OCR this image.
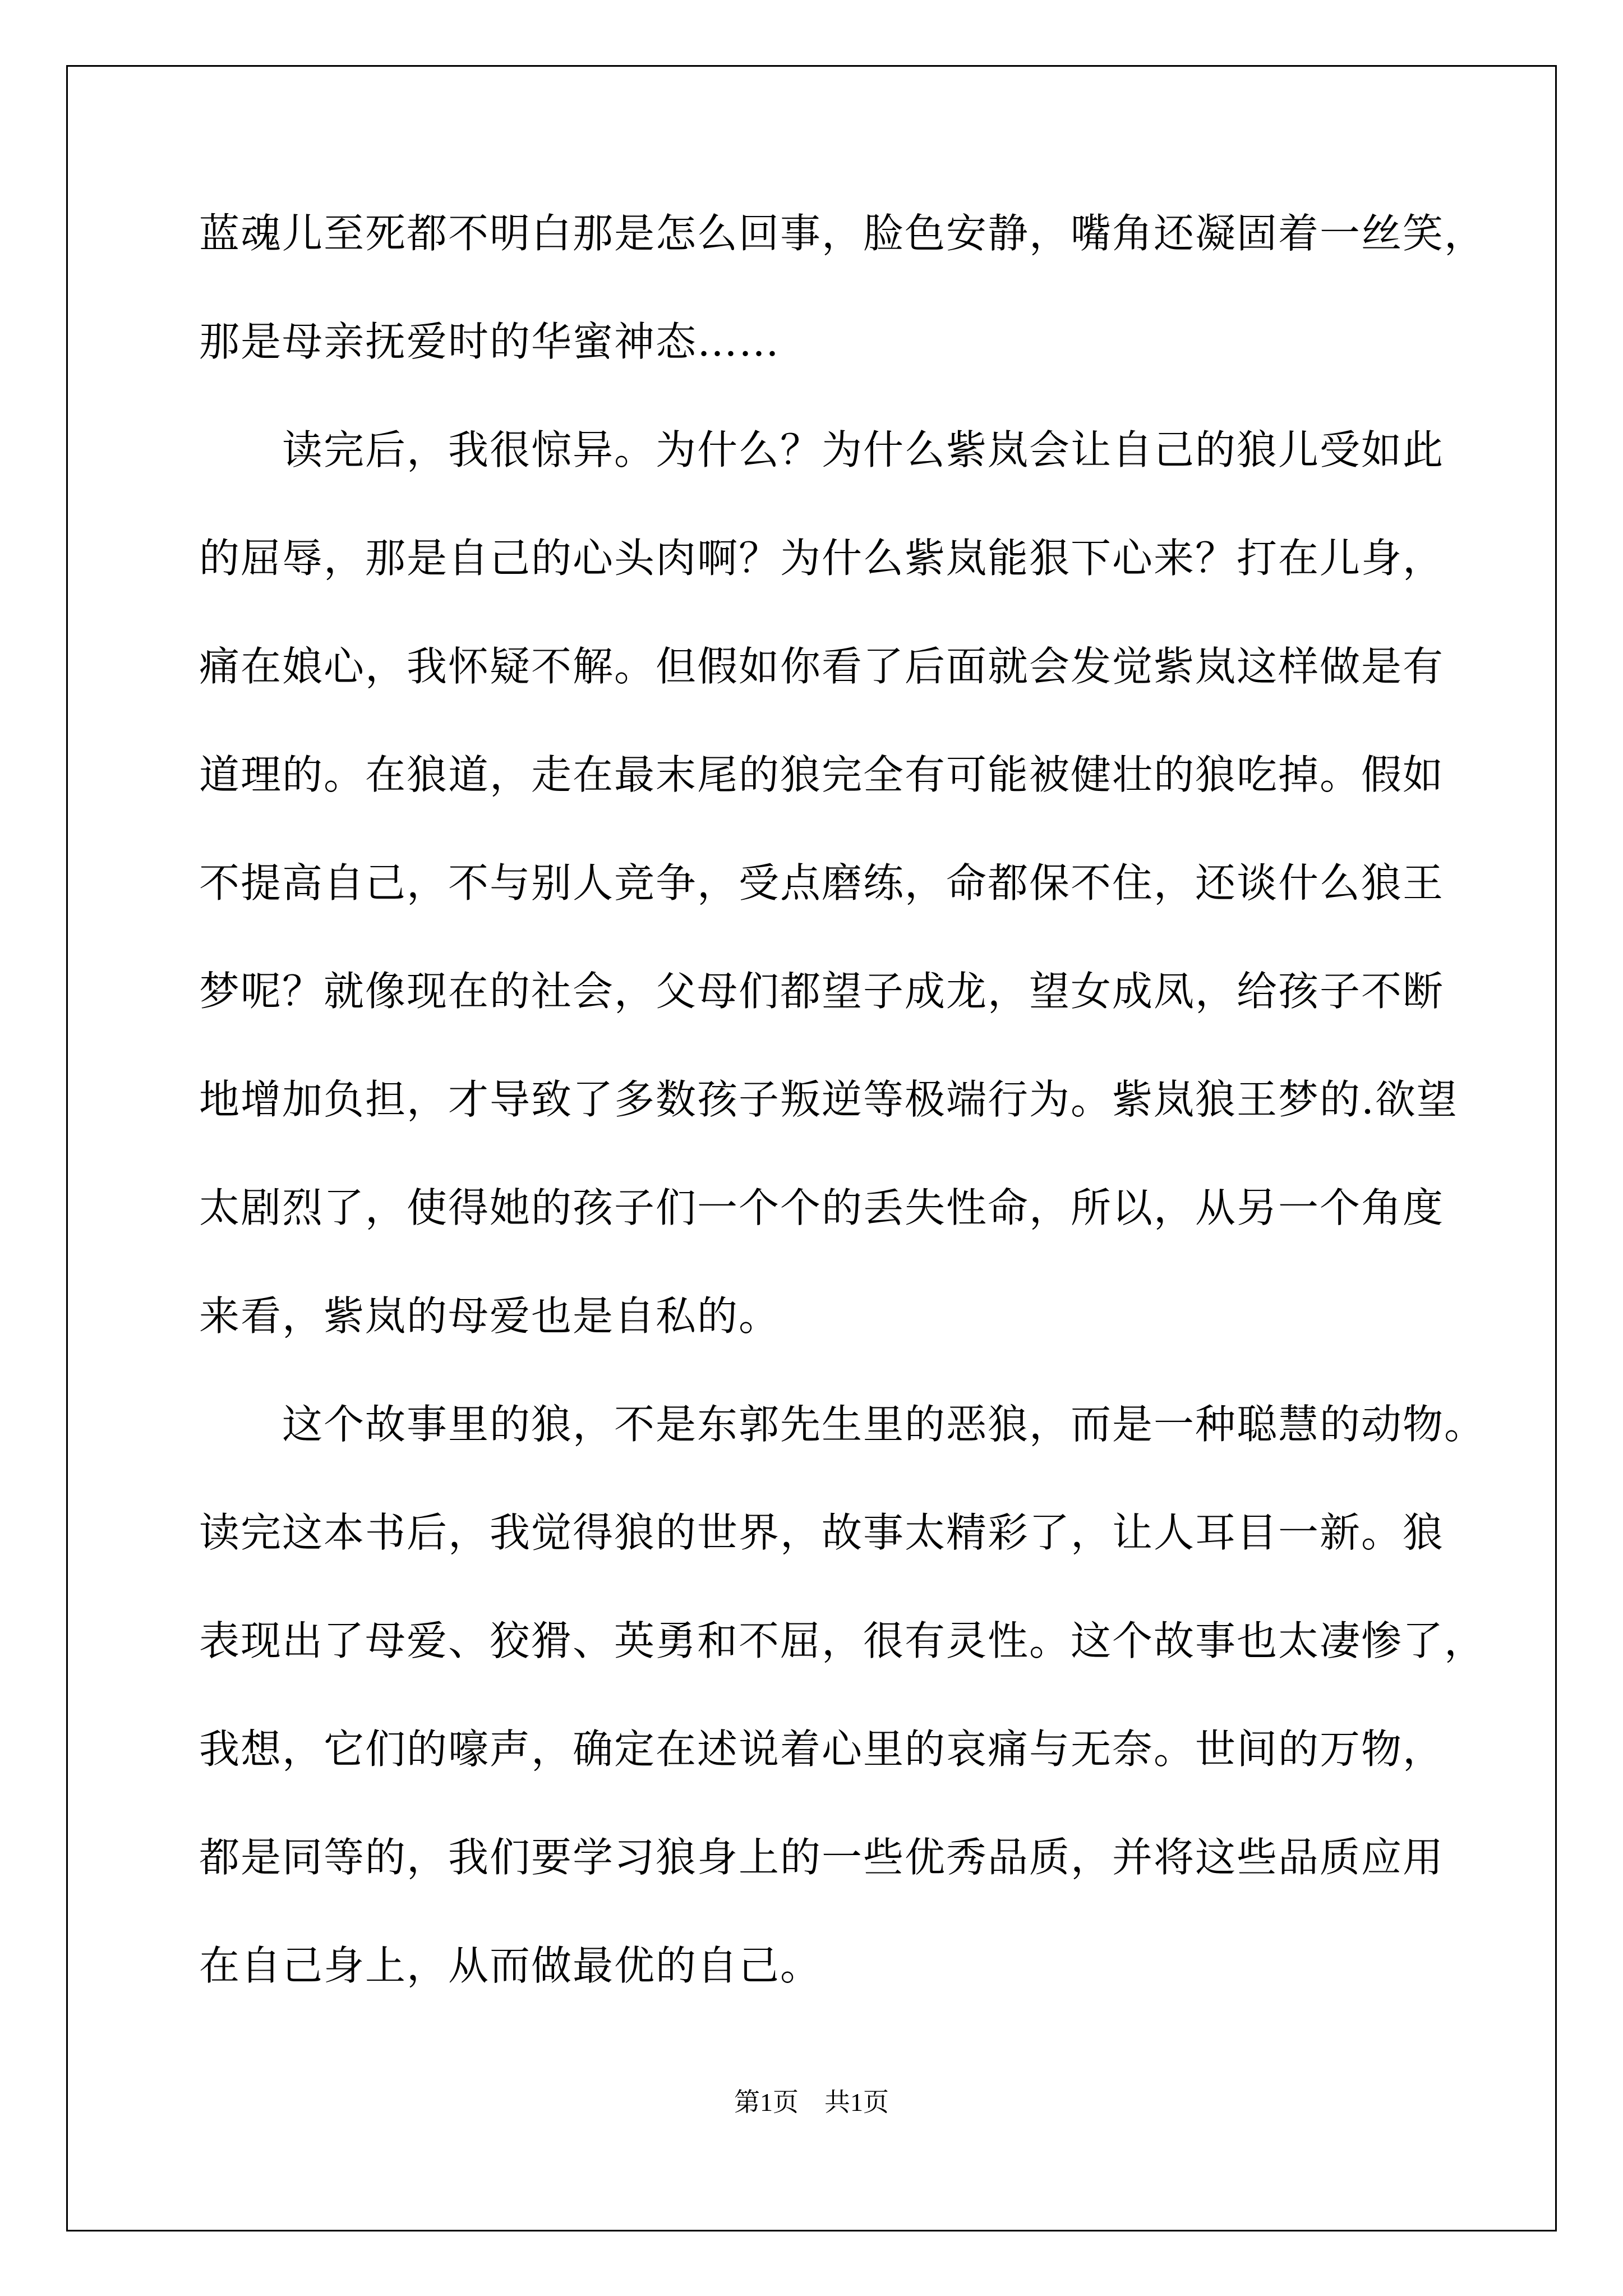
蓝魂儿至死都不明白那是怎么回事，脸色安静，嘴角还凝固着一丝笑，
那是母亲抚爱时的华蜜神态……
读完后，我很惊异。为什么？为什么紫岚会让自己的狼儿受如此
的屈辱，那是自己的心头肉啊？为什么紫岚能狠下心来？打在儿身，
痛在娘心，我怀疑不解。但假如你看了后面就会发觉紫岚这样做是有
道理的。在狼道，走在最末尾的狼完全有可能被健壮的狼吃掉。假如
不提高自己，不与别人竞争，受点磨练，命都保不住，还谈什么狼王
梦呢？就像现在的社会，父母们都望子成龙，望女成凤，给孩子不断
地增加负担，才导致了多数孩子叛逆等极端行为。紫岚狼王梦的.欲望
太剧烈了，使得她的孩子们一个个的丢失性命，所以，从另一个角度
来看，紫岚的母爱也是自私的。
这个故事里的狼，不是东郭先生里的恶狼，而是一种聪慧的动物。
读完这本书后，我觉得狼的世界，故事太精彩了，让人耳目一新。狼
表现出了母爱、狡猾、英勇和不屈，很有灵性。这个故事也太凄惨了，
我想，它们的嚎声，确定在述说着心里的哀痛与无奈。世间的万物，
都是同等的，我们要学习狼身上的一些优秀品质，并将这些品质应用
在自己身上，从而做最优的自己。
第1页　共1页
